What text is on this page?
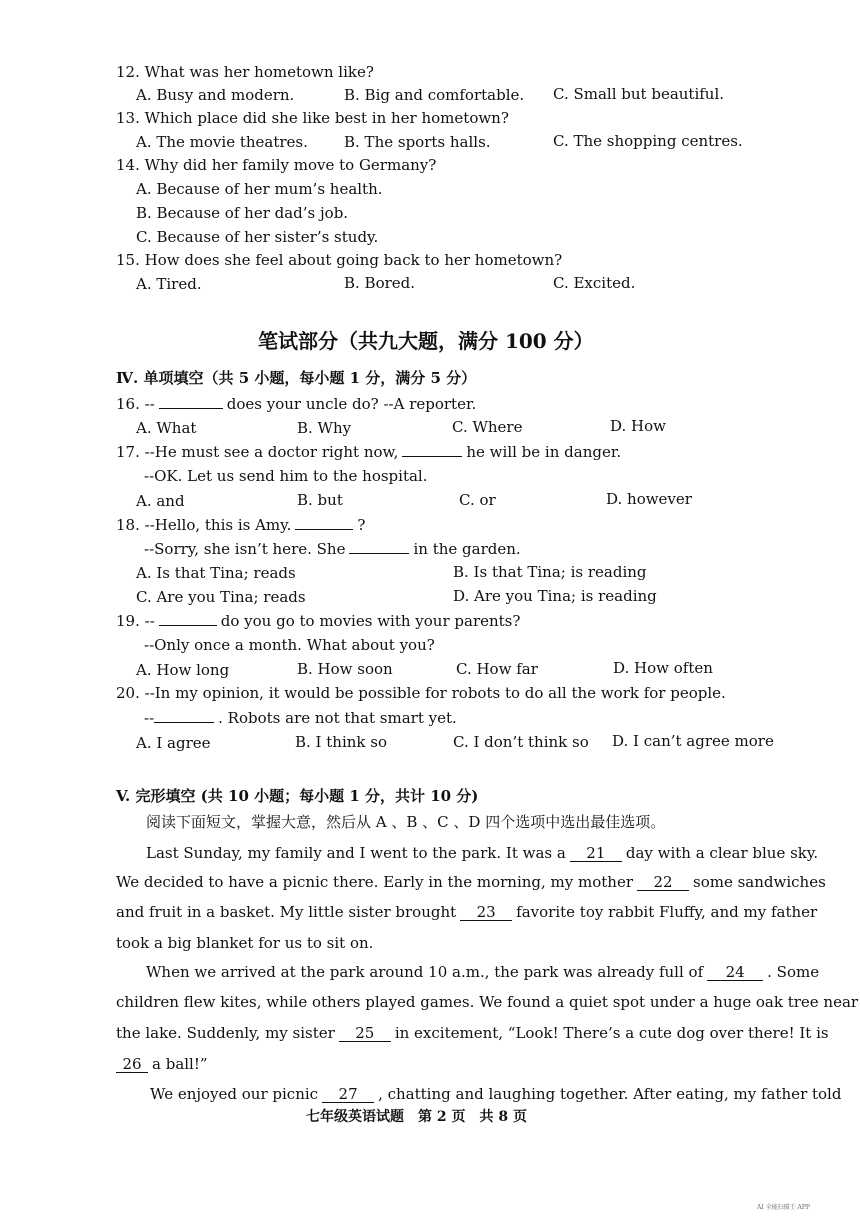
12. What was her hometown like?
A. Busy and modern.	B. Big and comfortable. C. Small but beautiful.
13. Which place did she like best in her hometown?
A. The movie theatres. B. The sports halls.	C. The shopping centres.
14. Why did her family move to Germany?
A. Because of her mum’s health.
B. Because of her dad’s job.
C. Because of her sister’s study.
15. How does she feel about going back to her hometown?
A. Tired.	B. Bored.	C. Excited.
笔试部分（共九大题，满分 100 分）
Ⅳ. 单项填空（共 5 小题，每小题 1 分，满分 5 分）
16. --	does your uncle do? --A reporter.
A. What	B. Why	C. Where	D. How
17. --He must see a doctor right now,	he will be in danger.
--OK. Let us send him to the hospital.
A. and	B. but	C. or	D. however
18. --Hello, this is Amy.	?
--Sorry, she isn’t here. She	in the garden.
A. Is that Tina; reads	B. Is that Tina; is reading
C. Are you Tina; reads	D. Are you Tina; is reading
19. --	do you go to movies with your parents?
--Only once a month. What about you?
A. How long	B. How soon	C. How far	D. How often
20. --In my opinion, it would be possible for robots to do all the work for people.
--	. Robots are not that smart yet.
A. I agree	B. I think so	C. I don’t think so D. I can’t agree more
V. 完形填空 (共 10 小题；每小题 1 分，共计 10 分)
阅读下面短文，掌握大意，然后从 A 、B 、C 、D 四个选项中选出最佳选项。
Last Sunday, my family and I went to the park. It was a 21 day with a clear blue sky.
We decided to have a picnic there. Early in the morning, my mother 22 some sandwiches
and fruit in a basket. My little sister brought 23 favorite toy rabbit Fluffy, and my father
took a big blanket for us to sit on.
When we arrived at the park around 10 a.m., the park was already full of 24 . Some
children flew kites, while others played games. We found a quiet spot under a huge oak tree near
the lake. Suddenly, my sister 25 in excitement, “Look! There’s a cute dog over there! It is
26 a ball!”
We enjoyed our picnic 27 , chatting and laughing together. After eating, my father told
七年级英语试题　第 2 页　共 8 页
AI 全能扫描王 APP
